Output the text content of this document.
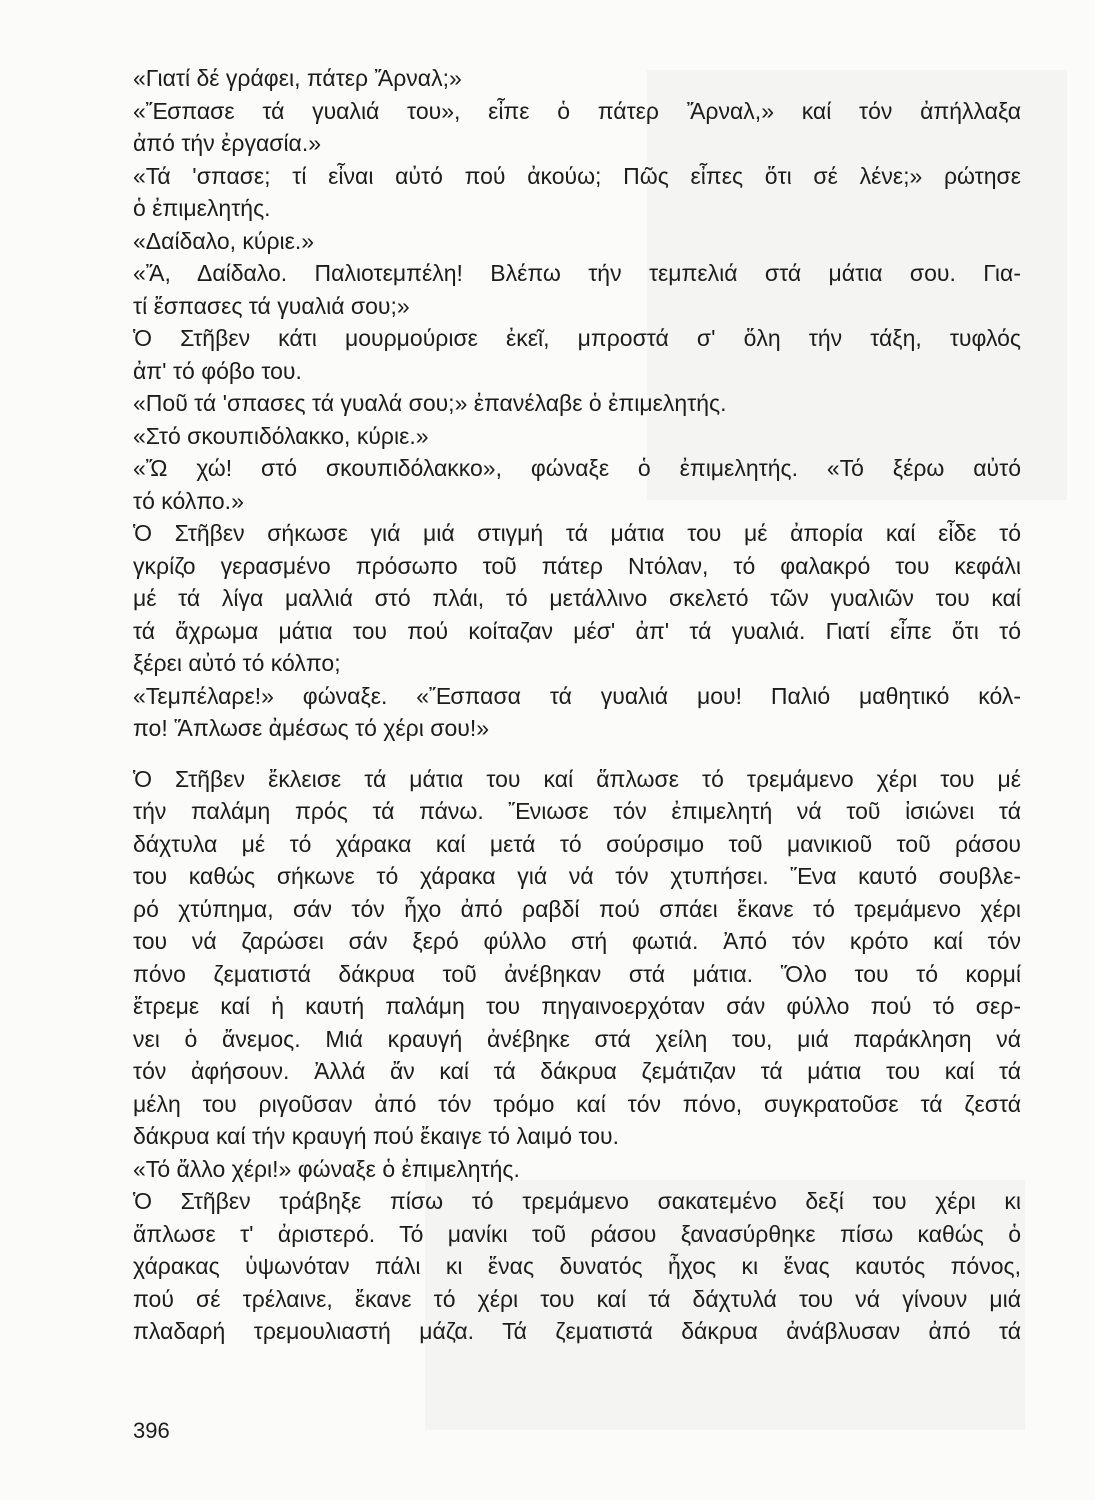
«Γιατί δέ γράφει, πάτερ Ἄρναλ;»
«Ἔσπασε τά γυαλιά του», εἶπε ὁ πάτερ Ἄρναλ,» καί τόν ἀπήλλαξα
ἀπό τήν ἐργασία.»
«Τά 'σπασε; τί εἶναι αὐτό πού ἀκούω; Πῶς εἶπες ὅτι σέ λένε;» ρώτησε
ὁ ἐπιμελητής.
«Δαίδαλο, κύριε.»
«Ἄ, Δαίδαλο. Παλιοτεμπέλη! Βλέπω τήν τεμπελιά στά μάτια σου. Για-
τί ἔσπασες τά γυαλιά σου;»
Ὁ Στῆβεν κάτι μουρμούρισε ἐκεῖ, μπροστά σ' ὅλη τήν τάξη, τυφλός
ἀπ' τό φόβο του.
«Ποῦ τά 'σπασες τά γυαλά σου;» ἐπανέλαβε ὁ ἐπιμελητής.
«Στό σκουπιδόλακκο, κύριε.»
«Ὤ χώ! στό σκουπιδόλακκο», φώναξε ὁ ἐπιμελητής. «Τό ξέρω αὐτό
τό κόλπο.»
Ὁ Στῆβεν σήκωσε γιά μιά στιγμή τά μάτια του μέ ἀπορία καί εἶδε τό
γκρίζο γερασμένο πρόσωπο τοῦ πάτερ Ντόλαν, τό φαλακρό του κεφάλι
μέ τά λίγα μαλλιά στό πλάι, τό μετάλλινο σκελετό τῶν γυαλιῶν του καί
τά ἄχρωμα μάτια του πού κοίταζαν μέσ' ἀπ' τά γυαλιά. Γιατί εἶπε ὅτι τό
ξέρει αὐτό τό κόλπο;
«Τεμπέλαρε!» φώναξε. «Ἔσπασα τά γυαλιά μου! Παλιό μαθητικό κόλ-
πο! Ἅπλωσε ἀμέσως τό χέρι σου!»
Ὁ Στῆβεν ἔκλεισε τά μάτια του καί ἅπλωσε τό τρεμάμενο χέρι του μέ
τήν παλάμη πρός τά πάνω. Ἔνιωσε τόν ἐπιμελητή νά τοῦ ἰσιώνει τά
δάχτυλα μέ τό χάρακα καί μετά τό σούρσιμο τοῦ μανικιοῦ τοῦ ράσου
του καθώς σήκωνε τό χάρακα γιά νά τόν χτυπήσει. Ἕνα καυτό σουβλε-
ρό χτύπημα, σάν τόν ἦχο ἀπό ραβδί πού σπάει ἔκανε τό τρεμάμενο χέρι
του νά ζαρώσει σάν ξερό φύλλο στή φωτιά. Ἀπό τόν κρότο καί τόν
πόνο ζεματιστά δάκρυα τοῦ ἀνέβηκαν στά μάτια. Ὅλο του τό κορμί
ἔτρεμε καί ἡ καυτή παλάμη του πηγαινοερχόταν σάν φύλλο πού τό σερ-
νει ὁ ἄνεμος. Μιά κραυγή ἀνέβηκε στά χείλη του, μιά παράκληση νά
τόν ἀφήσουν. Ἀλλά ἄν καί τά δάκρυα ζεμάτιζαν τά μάτια του καί τά
μέλη του ριγοῦσαν ἀπό τόν τρόμο καί τόν πόνο, συγκρατοῦσε τά ζεστά
δάκρυα καί τήν κραυγή πού ἔκαιγε τό λαιμό του.
«Τό ἄλλο χέρι!» φώναξε ὁ ἐπιμελητής.
Ὁ Στῆβεν τράβηξε πίσω τό τρεμάμενο σακατεμένο δεξί του χέρι κι
ἅπλωσε τ' ἀριστερό. Τό μανίκι τοῦ ράσου ξανασύρθηκε πίσω καθώς ὁ
χάρακας ὑψωνόταν πάλι κι ἕνας δυνατός ἦχος κι ἕνας καυτός πόνος,
πού σέ τρέλαινε, ἔκανε τό χέρι του καί τά δάχτυλά του νά γίνουν μιά
πλαδαρή τρεμουλιαστή μάζα. Τά ζεματιστά δάκρυα ἀνάβλυσαν ἀπό τά
396
